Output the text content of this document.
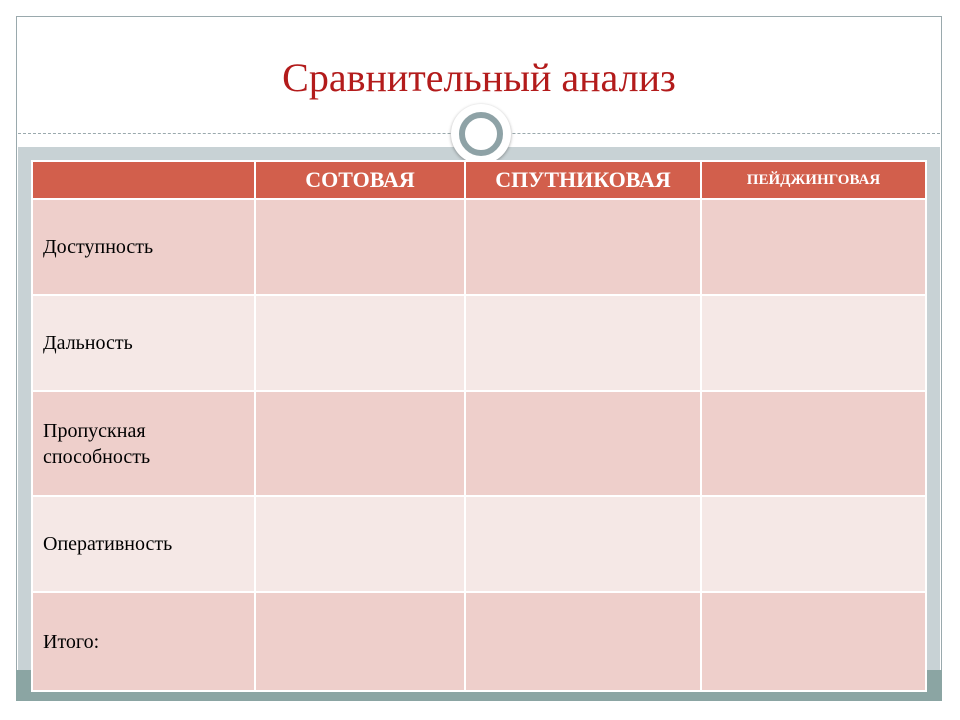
Сравнительный анализ
	СОТОВАЯ	СПУТНИКОВАЯ	ПЕЙДЖИНГОВАЯ
Доступность			
Дальность			
Пропускная способность			
Оперативность			
Итого:			
